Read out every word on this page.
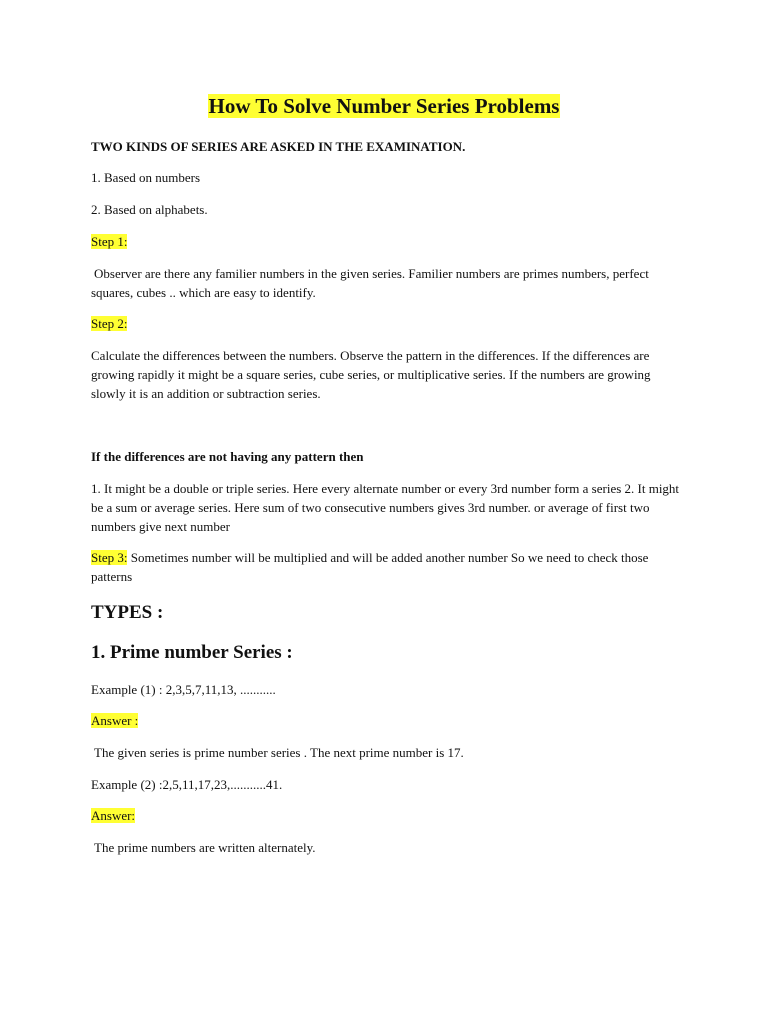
How To Solve Number Series Problems

TWO KINDS OF SERIES ARE ASKED IN THE EXAMINATION.

1. Based on numbers

2. Based on alphabets.

Step 1:

Observer are there any familier numbers in the given series. Familier numbers are primes numbers, perfect squares, cubes .. which are easy to identify.

Step 2:

Calculate the differences between the numbers. Observe the pattern in the differences. If the differences are growing rapidly it might be a square series, cube series, or multiplicative series. If the numbers are growing slowly it is an addition or subtraction series.

If the differences are not having any pattern then

1. It might be a double or triple series. Here every alternate number or every 3rd number form a series 2. It might be a sum or average series. Here sum of two consecutive numbers gives 3rd number. or average of first two numbers give next number

Step 3: Sometimes number will be multiplied and will be added another number So we need to check those patterns

TYPES :

1. Prime number Series :

Example (1) : 2,3,5,7,11,13, ...........

Answer :

The given series is prime number series . The next prime number is 17.

Example (2) :2,5,11,17,23,...........41.

Answer:

The prime numbers are written alternately.
